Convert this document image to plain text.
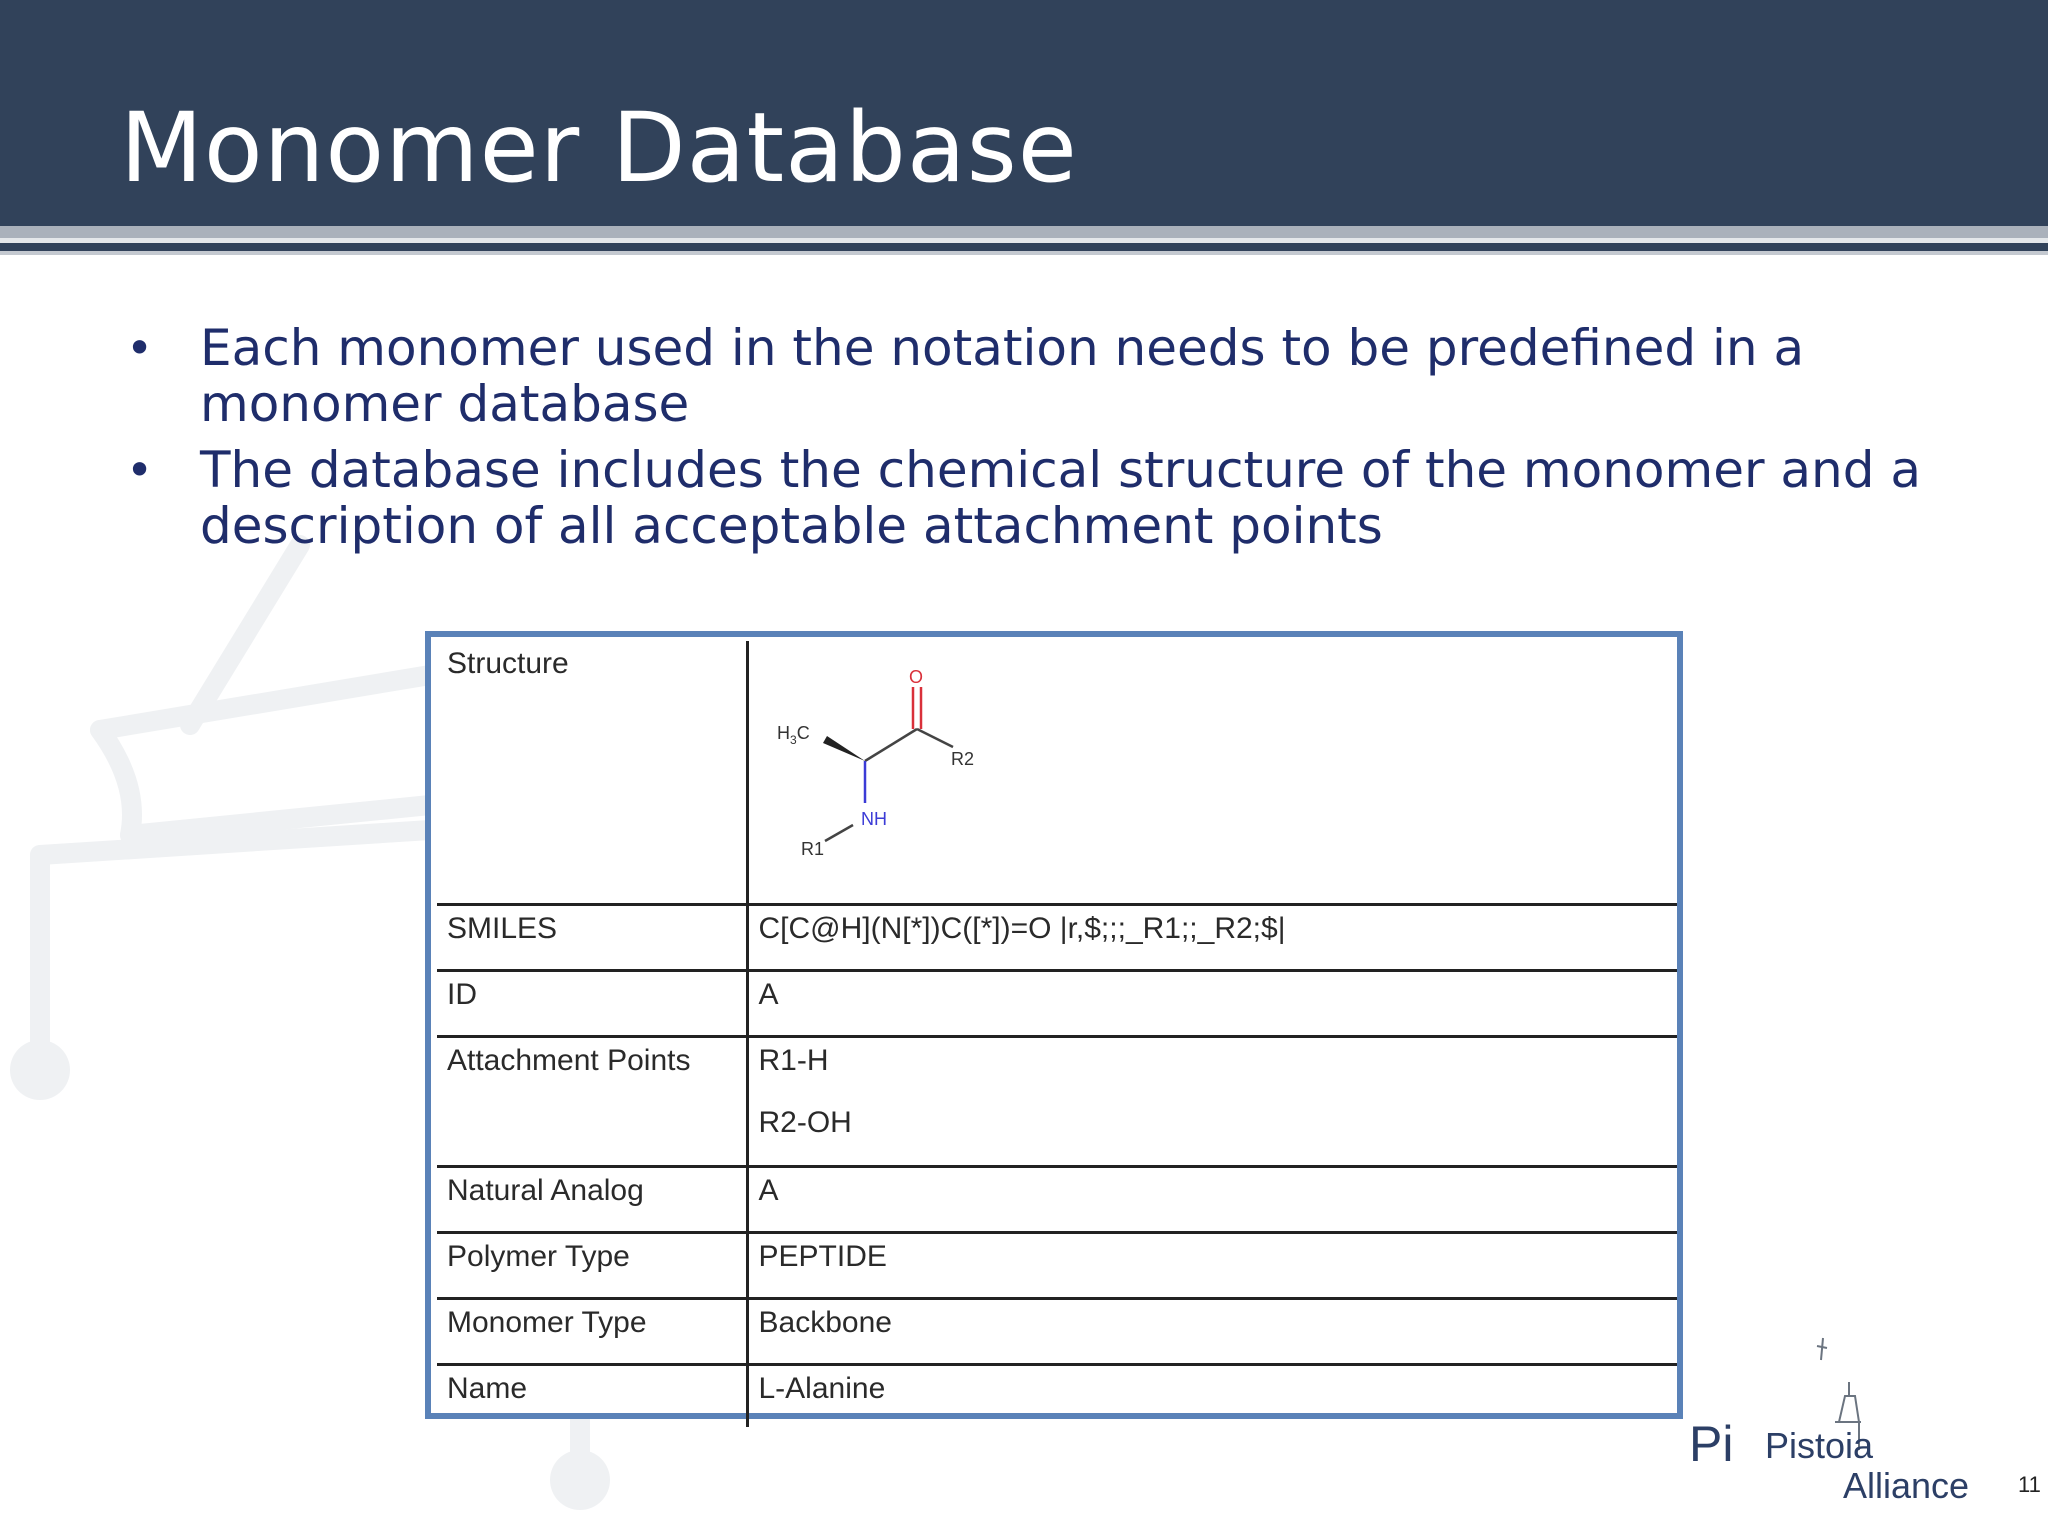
Monomer Database
• Each monomer used in the notation needs to be predefined in a monomer database
• The database includes the chemical structure of the monomer and a description of all acceptable attachment points
Structure	O
$H_3C$
R2
NH
R1

SMILES	C[C@H](N[*])C([*])=O |r,$;;;_R1;;_R2;$|
ID	A
Attachment Points	R1-H
R2-OH

Natural Analog	A
Polymer Type	PEPTIDE
Monomer Type	Backbone
Name	L-Alanine
Pi Pistoia
Alliance 11
